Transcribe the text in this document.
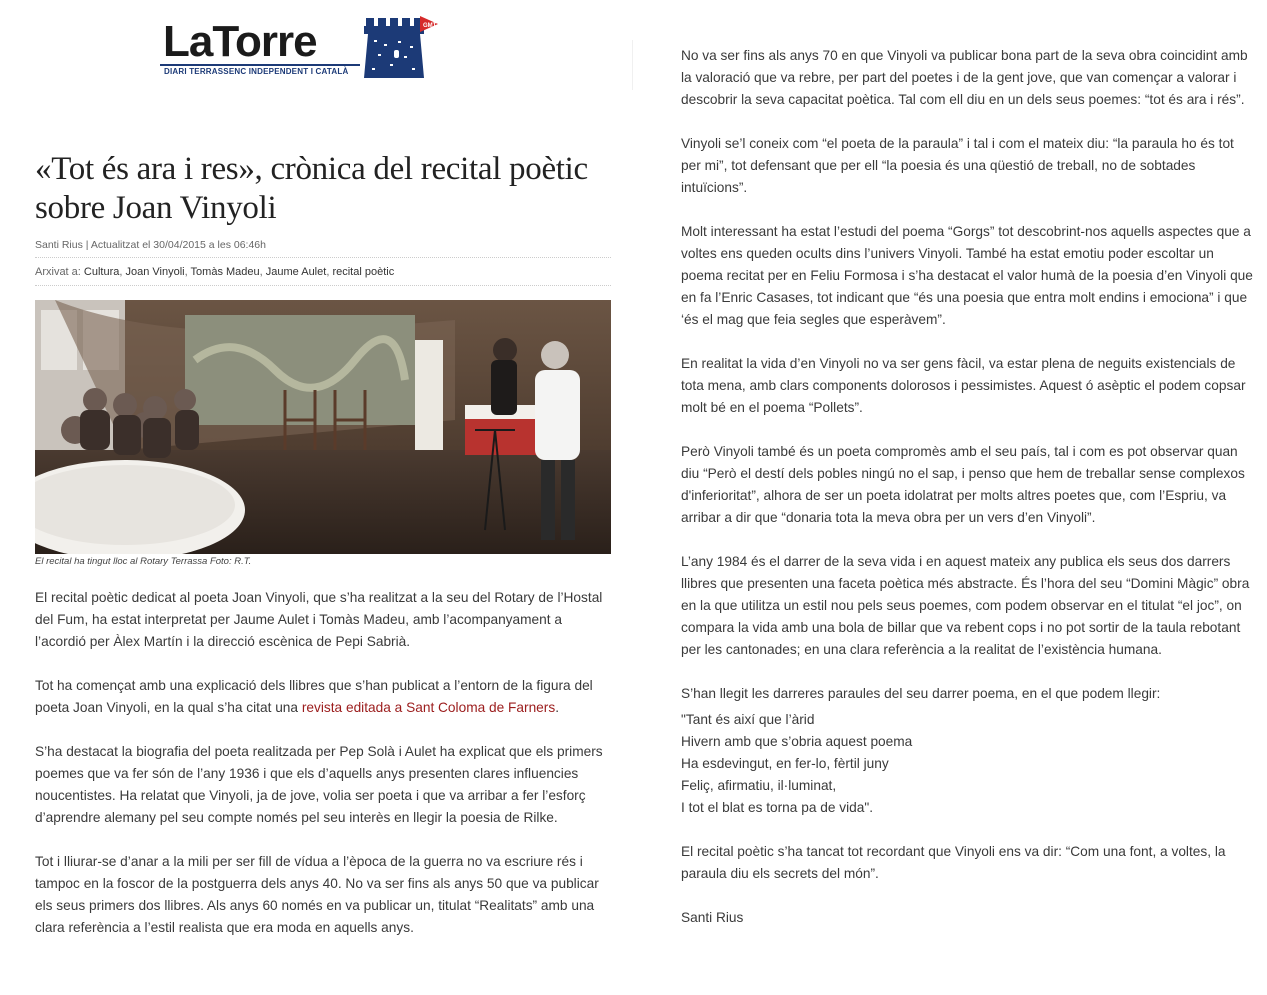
LaTorre
DIARI TERRASSENC INDEPENDENT I CATALÀ
GMT
«Tot és ara i res», crònica del recital poètic sobre Joan Vinyoli
Santi Rius | Actualitzat el 30/04/2015 a les 06:46h
Arxivat a: Cultura, Joan Vinyoli, Tomàs Madeu, Jaume Aulet, recital poètic
El recital ha tingut lloc al Rotary Terrassa Foto: R.T.

El recital poètic dedicat al poeta Joan Vinyoli, que s’ha realitzat a la seu del Rotary de l’Hostal del Fum, ha estat interpretat per Jaume Aulet i Tomàs Madeu, amb l’acompanyament a l’acordió per Àlex Martín i la direcció escènica de Pepi Sabrià.

Tot ha començat amb una explicació dels llibres que s’han publicat a l’entorn de la figura del poeta Joan Vinyoli, en la qual s’ha citat una revista editada a Sant Coloma de Farners.

S’ha destacat la biografia del poeta realitzada per Pep Solà i Aulet ha explicat que els primers poemes que va fer són de l’any 1936 i que els d’aquells anys presenten clares influencies noucentistes. Ha relatat que Vinyoli, ja de jove, volia ser poeta i que va arribar a fer l’esforç d’aprendre alemany pel seu compte només pel seu interès en llegir la poesia de Rilke.

Tot i lliurar-se d’anar a la mili per ser fill de vídua a l’època de la guerra no va escriure rés i tampoc en la foscor de la postguerra dels anys 40. No va ser fins als anys 50 que va publicar els seus primers dos llibres. Als anys 60 només en va publicar un, titulat “Realitats” amb una clara referència a l’estil realista que era moda en aquells anys.

No va ser fins als anys 70 en que Vinyoli va publicar bona part de la seva obra coincidint amb la valoració que va rebre, per part del poetes i de la gent jove, que van començar a valorar i descobrir la seva capacitat poètica. Tal com ell diu en un dels seus poemes: “tot és ara i rés”.

Vinyoli se’l coneix com “el poeta de la paraula” i tal i com el mateix diu: “la paraula ho és tot per mi”, tot defensant que per ell “la poesia és una qüestió de treball, no de sobtades intuïcions”.

Molt interessant ha estat l’estudi del poema “Gorgs” tot descobrint-nos aquells aspectes que a voltes ens queden ocults dins l’univers Vinyoli. També ha estat emotiu poder escoltar un poema recitat per en Feliu Formosa i s’ha destacat el valor humà de la poesia d’en Vinyoli que en fa l’Enric Casases, tot indicant que “és una poesia que entra molt endins i emociona” i que ‘és el mag que feia segles que esperàvem”.

En realitat la vida d’en Vinyoli no va ser gens fàcil, va estar plena de neguits existencials de tota mena, amb clars components dolorosos i pessimistes. Aquest ó asèptic el podem copsar molt bé en el poema “Pollets”.

Però Vinyoli també és un poeta compromès amb el seu país, tal i com es pot observar quan diu “Però el destí dels pobles ningú no el sap, i penso que hem de treballar sense complexos d'inferioritat”, alhora de ser un poeta idolatrat per molts altres poetes que, com l’Espriu, va arribar a dir que “donaria tota la meva obra per un vers d’en Vinyoli”.

L’any 1984 és el darrer de la seva vida i en aquest mateix any publica els seus dos darrers llibres que presenten una faceta poètica més abstracte. És l’hora del seu “Domini Màgic” obra en la que utilitza un estil nou pels seus poemes, com podem observar en el titulat “el joc”, on compara la vida amb una bola de billar que va rebent cops i no pot sortir de la taula rebotant per les cantonades; en una clara referència a la realitat de l’existència humana.

S’han llegit les darreres paraules del seu darrer poema, en el que podem llegir:

"Tant és així que l’àrid
Hivern amb que s’obria aquest poema
Ha esdevingut, en fer-lo, fèrtil juny
Feliç, afirmatiu, il·luminat,
I tot el blat es torna pa de vida".

El recital poètic s’ha tancat tot recordant que Vinyoli ens va dir: “Com una font, a voltes, la paraula diu els secrets del món”.

Santi Rius
